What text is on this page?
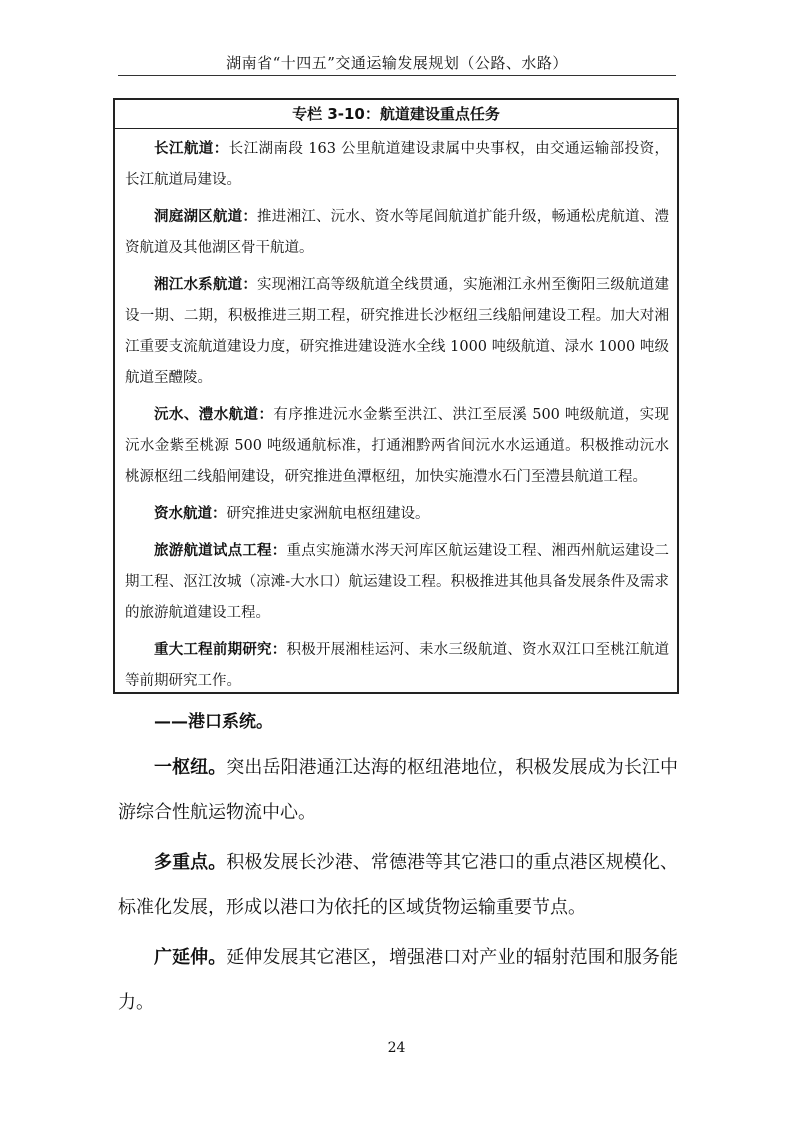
湖南省“十四五”交通运输发展规划（公路、水路）
专栏 3-10：航道建设重点任务

长江航道：长江湖南段 163 公里航道建设隶属中央事权，由交通运输部投资，长江航道局建设。

洞庭湖区航道：推进湘江、沅水、资水等尾闾航道扩能升级，畅通松虎航道、澧资航道及其他湖区骨干航道。

湘江水系航道：实现湘江高等级航道全线贯通，实施湘江永州至衡阳三级航道建设一期、二期，积极推进三期工程，研究推进长沙枢纽三线船闸建设工程。加大对湘江重要支流航道建设力度，研究推进建设涟水全线 1000 吨级航道、渌水 1000 吨级航道至醴陵。

沅水、澧水航道：有序推进沅水金紫至洪江、洪江至辰溪 500 吨级航道，实现沅水金紫至桃源 500 吨级通航标准，打通湘黔两省间沅水水运通道。积极推动沅水桃源枢纽二线船闸建设，研究推进鱼潭枢纽，加快实施澧水石门至澧县航道工程。

资水航道：研究推进史家洲航电枢纽建设。

旅游航道试点工程：重点实施潇水涔天河库区航运建设工程、湘西州航运建设二期工程、沤江汝城（凉滩-大水口）航运建设工程。积极推进其他具备发展条件及需求的旅游航道建设工程。

重大工程前期研究：积极开展湘桂运河、耒水三级航道、资水双江口至桃江航道等前期研究工作。

——港口系统。

一枢纽。突出岳阳港通江达海的枢纽港地位，积极发展成为长江中游综合性航运物流中心。

多重点。积极发展长沙港、常德港等其它港口的重点港区规模化、标准化发展，形成以港口为依托的区域货物运输重要节点。

广延伸。延伸发展其它港区，增强港口对产业的辐射范围和服务能力。

24
